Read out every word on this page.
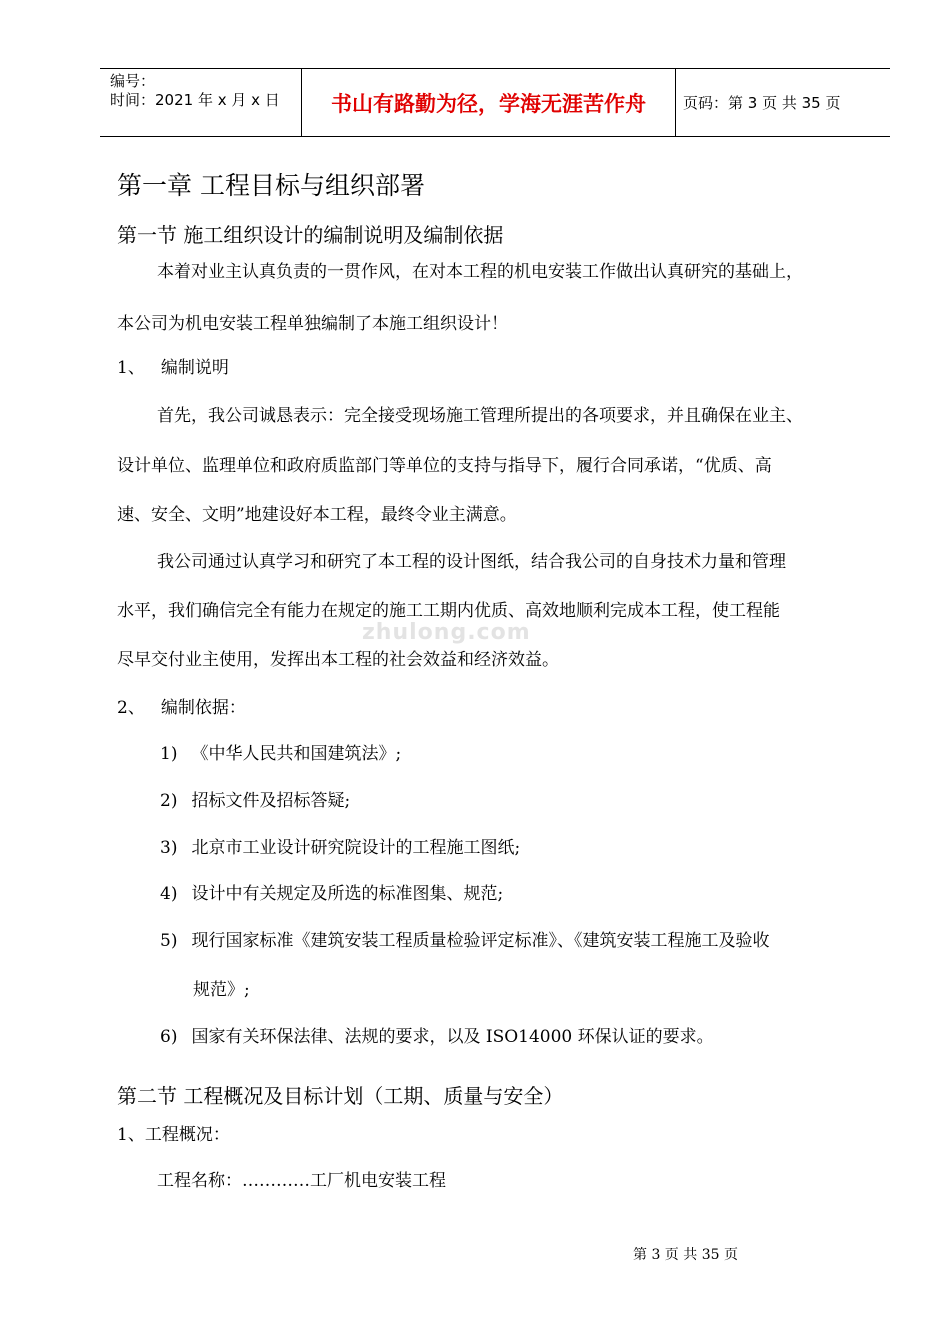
编号：
时间：2021 年 x 月 x 日	书山有路勤为径，学海无涯苦作舟	页码：第 3 页 共 35 页
第一章 工程目标与组织部署
第一节 施工组织设计的编制说明及编制依据
本着对业主认真负责的一贯作风，在对本工程的机电安装工作做出认真研究的基础上，
本公司为机电安装工程单独编制了本施工组织设计！
1、 编制说明
首先，我公司诚恳表示：完全接受现场施工管理所提出的各项要求，并且确保在业主、
设计单位、监理单位和政府质监部门等单位的支持与指导下，履行合同承诺，“优质、高
速、安全、文明”地建设好本工程，最终令业主满意。
我公司通过认真学习和研究了本工程的设计图纸，结合我公司的自身技术力量和管理
水平，我们确信完全有能力在规定的施工工期内优质、高效地顺利完成本工程，使工程能
尽早交付业主使用，发挥出本工程的社会效益和经济效益。
zhulong.com
2、 编制依据：
1) 《中华人民共和国建筑法》;
2) 招标文件及招标答疑;
3) 北京市工业设计研究院设计的工程施工图纸;
4) 设计中有关规定及所选的标准图集、规范;
5) 现行国家标准《建筑安装工程质量检验评定标准》、《建筑安装工程施工及验收
规范》;
6) 国家有关环保法律、法规的要求，以及 ISO14000 环保认证的要求。
第二节 工程概况及目标计划（工期、质量与安全）
1、工程概况：
工程名称：…………工厂机电安装工程
第 3 页 共 35 页
